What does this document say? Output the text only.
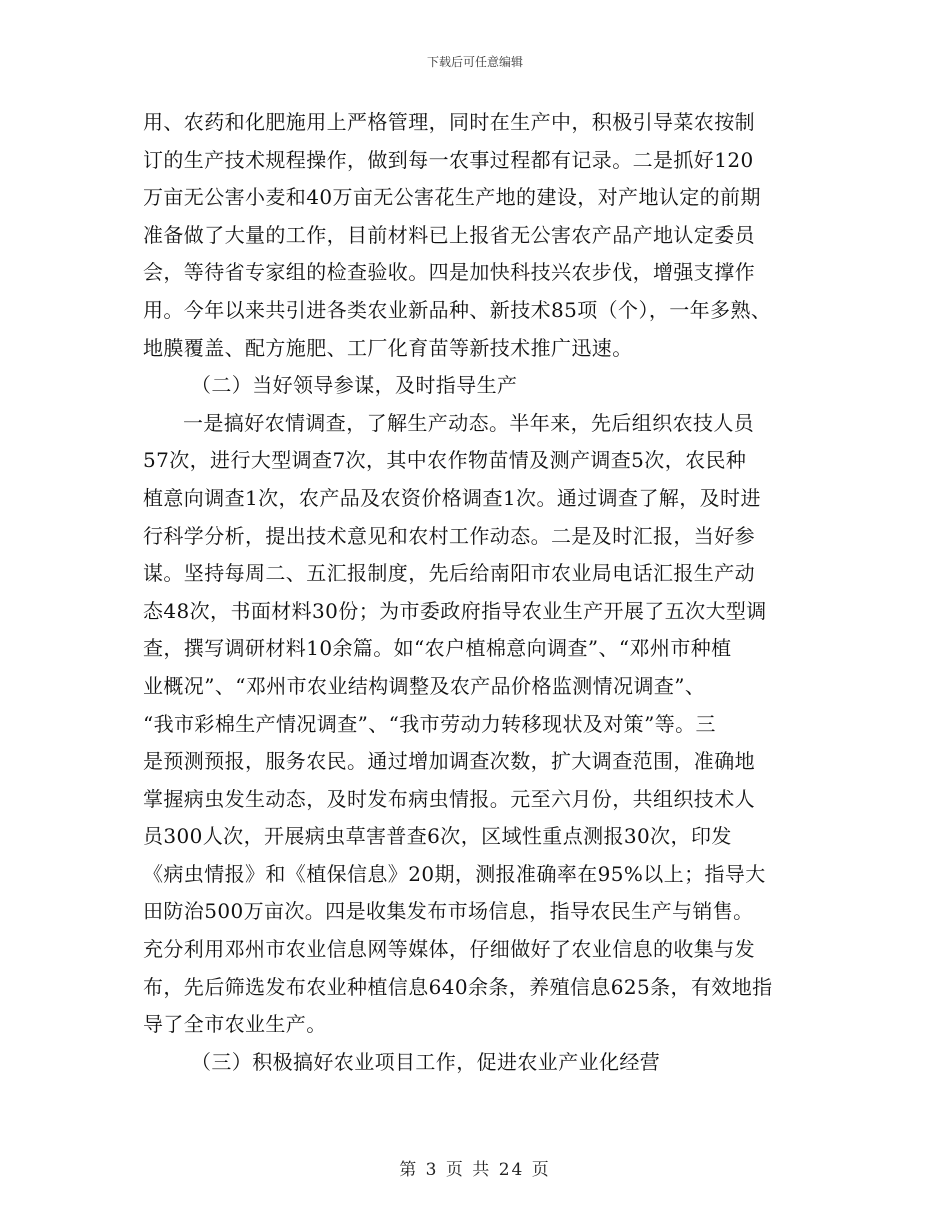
下载后可任意编辑
用、农药和化肥施用上严格管理，同时在生产中，积极引导菜农按制
订的生产技术规程操作，做到每一农事过程都有记录。二是抓好120
万亩无公害小麦和40万亩无公害花生产地的建设，对产地认定的前期
准备做了大量的工作，目前材料已上报省无公害农产品产地认定委员
会，等待省专家组的检查验收。四是加快科技兴农步伐，增强支撑作
用。今年以来共引进各类农业新品种、新技术85项（个），一年多熟、
地膜覆盖、配方施肥、工厂化育苗等新技术推广迅速。
（二）当好领导参谋，及时指导生产
一是搞好农情调查，了解生产动态。半年来，先后组织农技人员
57次，进行大型调查7次，其中农作物苗情及测产调查5次，农民种
植意向调查1次，农产品及农资价格调查1次。通过调查了解，及时进
行科学分析，提出技术意见和农村工作动态。二是及时汇报，当好参
谋。坚持每周二、五汇报制度，先后给南阳市农业局电话汇报生产动
态48次，书面材料30份；为市委政府指导农业生产开展了五次大型调
查，撰写调研材料10余篇。如“农户植棉意向调查”、“邓州市种植
业概况”、“邓州市农业结构调整及农产品价格监测情况调查”、
“我市彩棉生产情况调查”、“我市劳动力转移现状及对策”等。三
是预测预报，服务农民。通过增加调查次数，扩大调查范围，准确地
掌握病虫发生动态，及时发布病虫情报。元至六月份，共组织技术人
员300人次，开展病虫草害普查6次，区域性重点测报30次，印发
《病虫情报》和《植保信息》20期，测报准确率在95%以上；指导大
田防治500万亩次。四是收集发布市场信息，指导农民生产与销售。
充分利用邓州市农业信息网等媒体，仔细做好了农业信息的收集与发
布，先后筛选发布农业种植信息640余条，养殖信息625条，有效地指
导了全市农业生产。
（三）积极搞好农业项目工作，促进农业产业化经营
第 3 页 共 24 页
